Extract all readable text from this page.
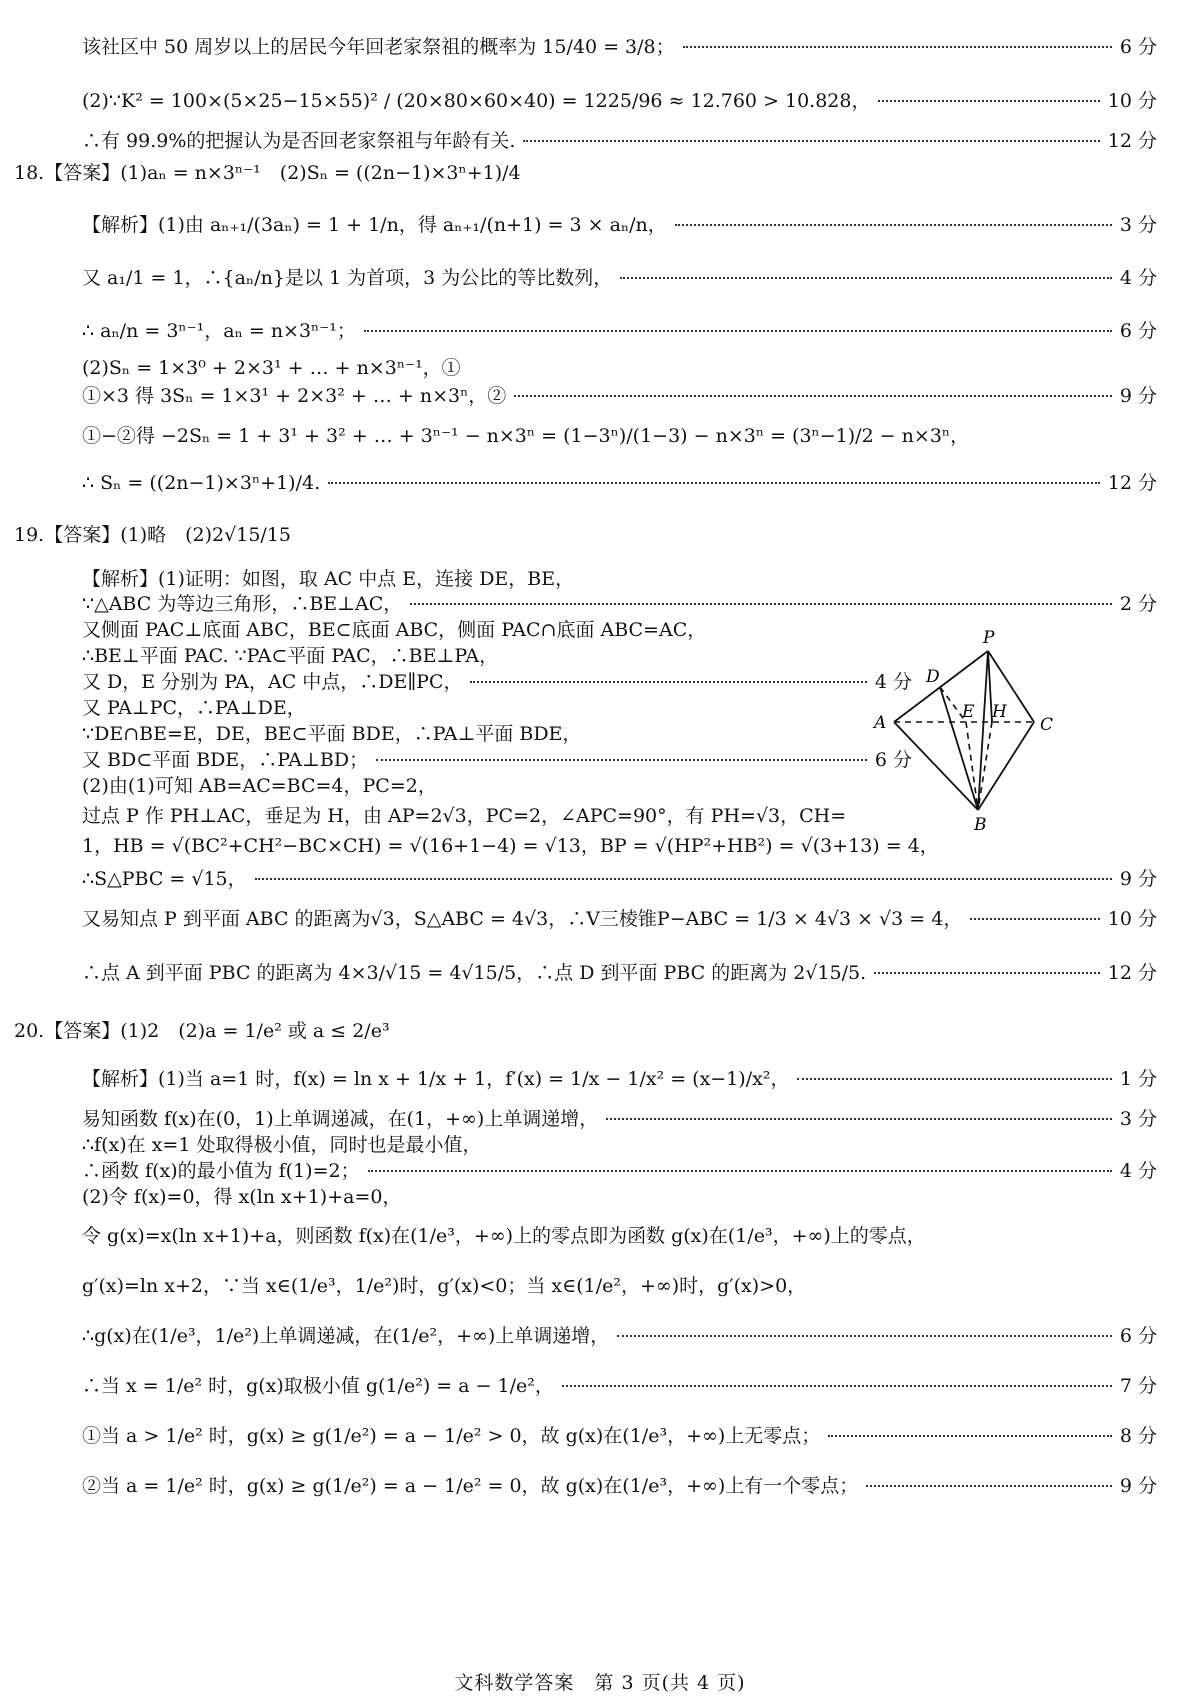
该社区中 50 周岁以上的居民今年回老家祭祖的概率为 15/40 = 3/8；	6 分
(2)∵K² = 100×(5×25−15×55)² / (20×80×60×40) = 1225/96 ≈ 12.760 > 10.828，	10 分
∴有 99.9%的把握认为是否回老家祭祖与年龄有关.	12 分
【解析】(1)由 aₙ₊₁/(3aₙ) = 1 + 1/n，得 aₙ₊₁/(n+1) = 3 × aₙ/n，	3 分
又 a₁/1 = 1，∴{aₙ/n}是以 1 为首项，3 为公比的等比数列，	4 分
∴ aₙ/n = 3ⁿ⁻¹，aₙ = n×3ⁿ⁻¹；	6 分
(2)Sₙ = 1×3⁰ + 2×3¹ + … + n×3ⁿ⁻¹，①
①×3 得 3Sₙ = 1×3¹ + 2×3² + … + n×3ⁿ，②	9 分
①−②得 −2Sₙ = 1 + 3¹ + 3² + … + 3ⁿ⁻¹ − n×3ⁿ = (1−3ⁿ)/(1−3) − n×3ⁿ = (3ⁿ−1)/2 − n×3ⁿ，
∴ Sₙ = ((2n−1)×3ⁿ+1)/4.	12 分
【解析】(1)证明：如图，取 AC 中点 E，连接 DE，BE，
∵△ABC 为等边三角形，∴BE⊥AC，	2 分
又侧面 PAC⊥底面 ABC，BE⊂底面 ABC，侧面 PAC∩底面 ABC=AC，
∴BE⊥平面 PAC. ∵PA⊂平面 PAC，∴BE⊥PA，
又 D，E 分别为 PA，AC 中点，∴DE∥PC，	4 分
又 PA⊥PC，∴PA⊥DE，
∵DE∩BE=E，DE，BE⊂平面 BDE，∴PA⊥平面 BDE，
又 BD⊂平面 BDE，∴PA⊥BD；	6 分
(2)由(1)可知 AB=AC=BC=4，PC=2，
过点 P 作 PH⊥AC，垂足为 H，由 AP=2√3，PC=2，∠APC=90°，有 PH=√3，CH=
1，HB = √(BC²+CH²−BC×CH) = √(16+1−4) = √13，BP = √(HP²+HB²) = √(3+13) = 4，
∴S△PBC = √15，	9 分
又易知点 P 到平面 ABC 的距离为√3，S△ABC = 4√3，∴V三棱锥P−ABC = 1/3 × 4√3 × √3 = 4，	10 分
∴点 A 到平面 PBC 的距离为 4×3/√15 = 4√15/5，∴点 D 到平面 PBC 的距离为 2√15/5.	12 分
【解析】(1)当 a=1 时，f(x) = ln x + 1/x + 1，f′(x) = 1/x − 1/x² = (x−1)/x²，	1 分
易知函数 f(x)在(0，1)上单调递减，在(1，+∞)上单调递增，	3 分
∴f(x)在 x=1 处取得极小值，同时也是最小值，
∴函数 f(x)的最小值为 f(1)=2；	4 分
(2)令 f(x)=0，得 x(ln x+1)+a=0，
令 g(x)=x(ln x+1)+a，则函数 f(x)在(1/e³，+∞)上的零点即为函数 g(x)在(1/e³，+∞)上的零点，
g′(x)=ln x+2，∵当 x∈(1/e³，1/e²)时，g′(x)<0；当 x∈(1/e²，+∞)时，g′(x)>0，
∴g(x)在(1/e³，1/e²)上单调递减，在(1/e²，+∞)上单调递增，	6 分
∴当 x = 1/e² 时，g(x)取极小值 g(1/e²) = a − 1/e²，	7 分
①当 a > 1/e² 时，g(x) ≥ g(1/e²) = a − 1/e² > 0，故 g(x)在(1/e³，+∞)上无零点；	8 分
②当 a = 1/e² 时，g(x) ≥ g(1/e²) = a − 1/e² = 0，故 g(x)在(1/e³，+∞)上有一个零点；	9 分
18.【答案】(1)aₙ = n×3ⁿ⁻¹　(2)Sₙ = ((2n−1)×3ⁿ+1)/4
19.【答案】(1)略　(2)2√15/15
20.【答案】(1)2　(2)a = 1/e² 或 a ≤ 2/e³
P
D
A
E H
C
B
文科数学答案　第 3 页(共 4 页)
